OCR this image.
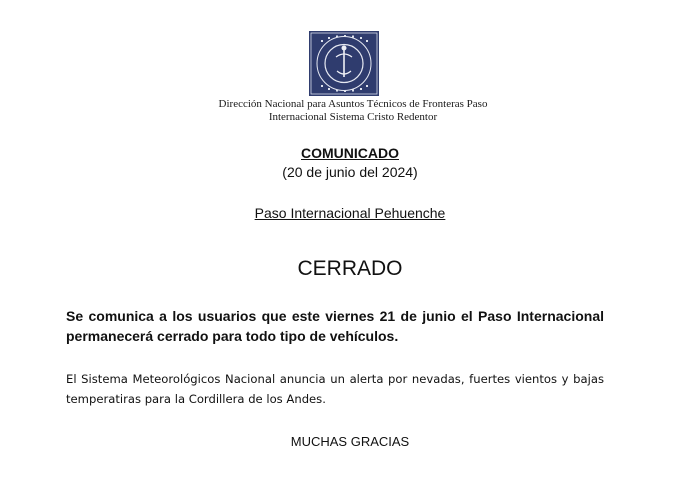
Dirección Nacional para Asuntos Técnicos de Fronteras Paso
Internacional Sistema Cristo Redentor
COMUNICADO
(20 de junio del 2024)
Paso Internacional Pehuenche
CERRADO
Se comunica a los usuarios que este viernes 21 de junio el Paso Internacional permanecerá cerrado para todo tipo de vehículos.
El Sistema Meteorológicos Nacional anuncia un alerta por nevadas, fuertes vientos y bajas temperatiras para la Cordillera de los Andes.
MUCHAS GRACIAS
